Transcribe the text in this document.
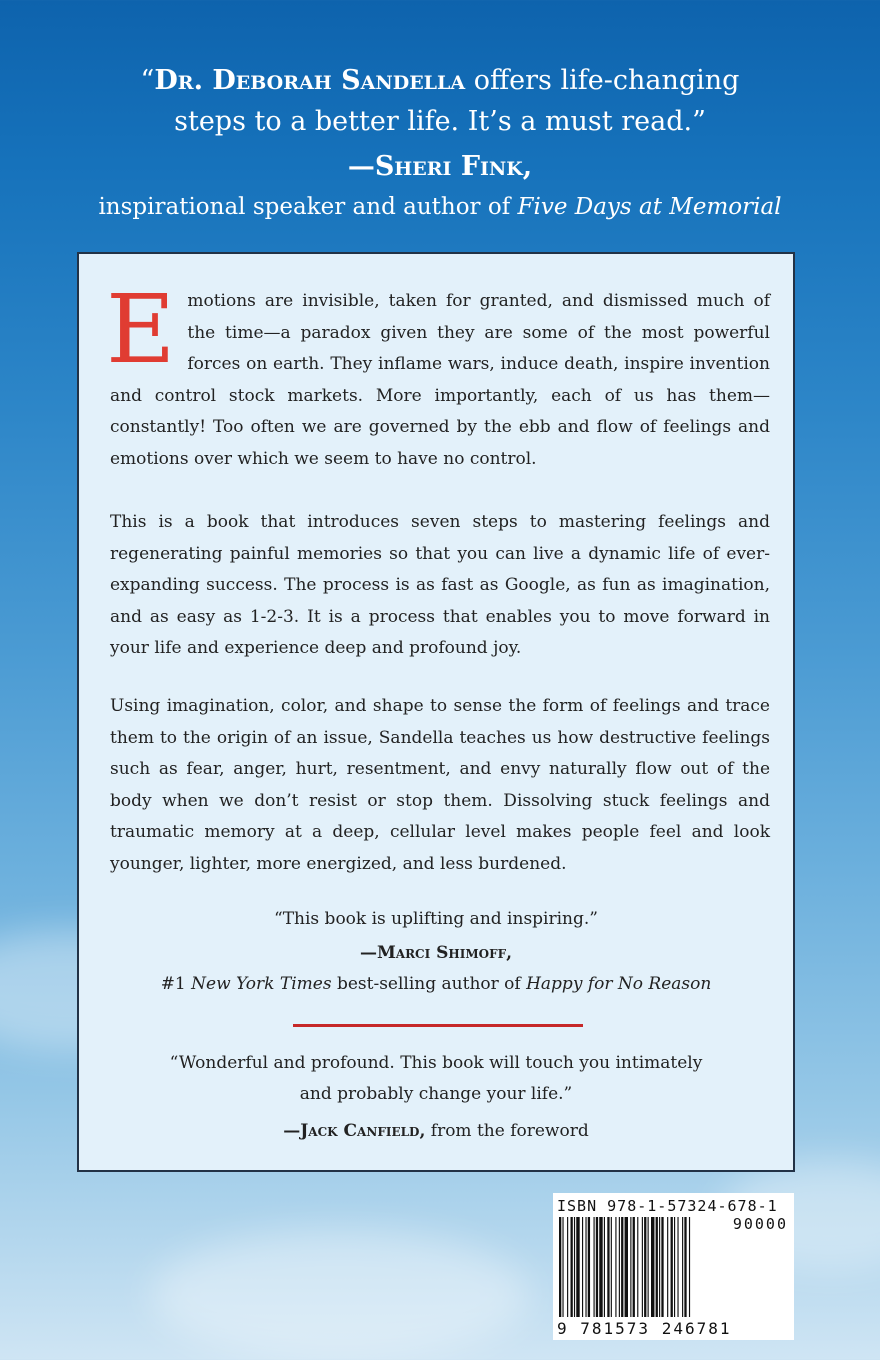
“Dr. Deborah Sandella offers life-changing
steps to a better life. It’s a must read.”
—Sheri Fink,
inspirational speaker and author of Five Days at Memorial

Emotions are invisible, taken for granted, and dismissed much of the time—a paradox given they are some of the most powerful forces on earth. They inflame wars, induce death, inspire invention and control stock markets. More importantly, each of us has them—constantly! Too often we are governed by the ebb and flow of feelings and emotions over which we seem to have no control.

This is a book that introduces seven steps to mastering feelings and regenerating painful memories so that you can live a dynamic life of ever-expanding success. The process is as fast as Google, as fun as imagination, and as easy as 1-2-3. It is a process that enables you to move forward in your life and experience deep and profound joy.

Using imagination, color, and shape to sense the form of feelings and trace them to the origin of an issue, Sandella teaches us how destructive feelings such as fear, anger, hurt, resentment, and envy naturally flow out of the body when we don’t resist or stop them. Dissolving stuck feelings and traumatic memory at a deep, cellular level makes people feel and look younger, lighter, more energized, and less burdened.

“This book is uplifting and inspiring.”
—Marci Shimoff,
#1 New York Times best-selling author of Happy for No Reason
“Wonderful and profound. This book will touch you intimately
and probably change your life.”
—Jack Canfield, from the foreword
ISBN 978-1-57324-678-1
90000
9 781573 246781
